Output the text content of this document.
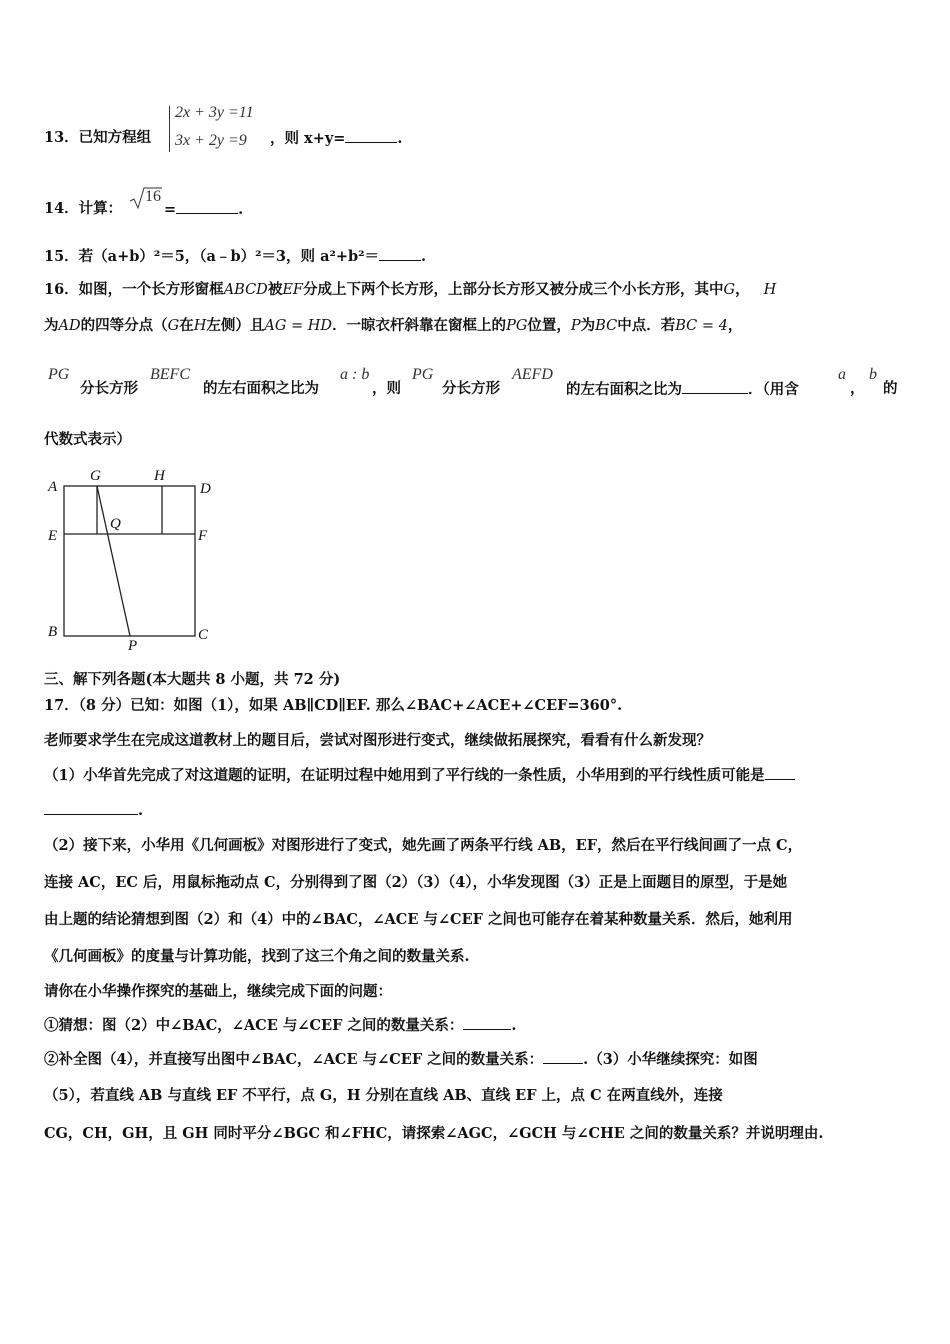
13．已知方程组
2x + 3y =11
3x + 2y =9 ，则 x+y=	.
14．计算：
16
=	.
15．若（a+b）²＝5，（a﹣b）²＝3，则 a²+b²＝	.
16．如图，一个长方形窗框ABCD被EF分成上下两个长方形，上部分长方形又被分成三个小长方形，其中G， H
为AD的四等分点（G在H左侧）且AG = HD．一晾衣杆斜靠在窗框上的PG位置，P为BC中点．若BC = 4，
PG
分长方形
BEFC
的左右面积之比为
a : b
，则
PG
分长方形
AEFD
的左右面积之比为	．（用含
a
，
b
的
代数式表示）
A
G	H
D
E
Q
F
B
P
C
三、解下列各题(本大题共 8 小题，共 72 分)
17．（8 分）已知：如图（1），如果 AB∥CD∥EF. 那么∠BAC+∠ACE+∠CEF=360°.
老师要求学生在完成这道教材上的题目后，尝试对图形进行变式，继续做拓展探究，看看有什么新发现？
（1）小华首先完成了对这道题的证明，在证明过程中她用到了平行线的一条性质，小华用到的平行线性质可能是
.
（2）接下来，小华用《几何画板》对图形进行了变式，她先画了两条平行线 AB，EF，然后在平行线间画了一点 C，
连接 AC，EC 后，用鼠标拖动点 C，分别得到了图（2）（3）（4），小华发现图（3）正是上面题目的原型，于是她
由上题的结论猜想到图（2）和（4）中的∠BAC，∠ACE 与∠CEF 之间也可能存在着某种数量关系．然后，她利用
《几何画板》的度量与计算功能，找到了这三个角之间的数量关系.
请你在小华操作探究的基础上，继续完成下面的问题：
①猜想：图（2）中∠BAC，∠ACE 与∠CEF 之间的数量关系：	.
②补全图（4），并直接写出图中∠BAC，∠ACE 与∠CEF 之间的数量关系：	.（3）小华继续探究：如图
（5），若直线 AB 与直线 EF 不平行，点 G，H 分别在直线 AB、直线 EF 上，点 C 在两直线外，连接
CG，CH，GH，且 GH 同时平分∠BGC 和∠FHC，请探索∠AGC，∠GCH 与∠CHE 之间的数量关系？并说明理由.
